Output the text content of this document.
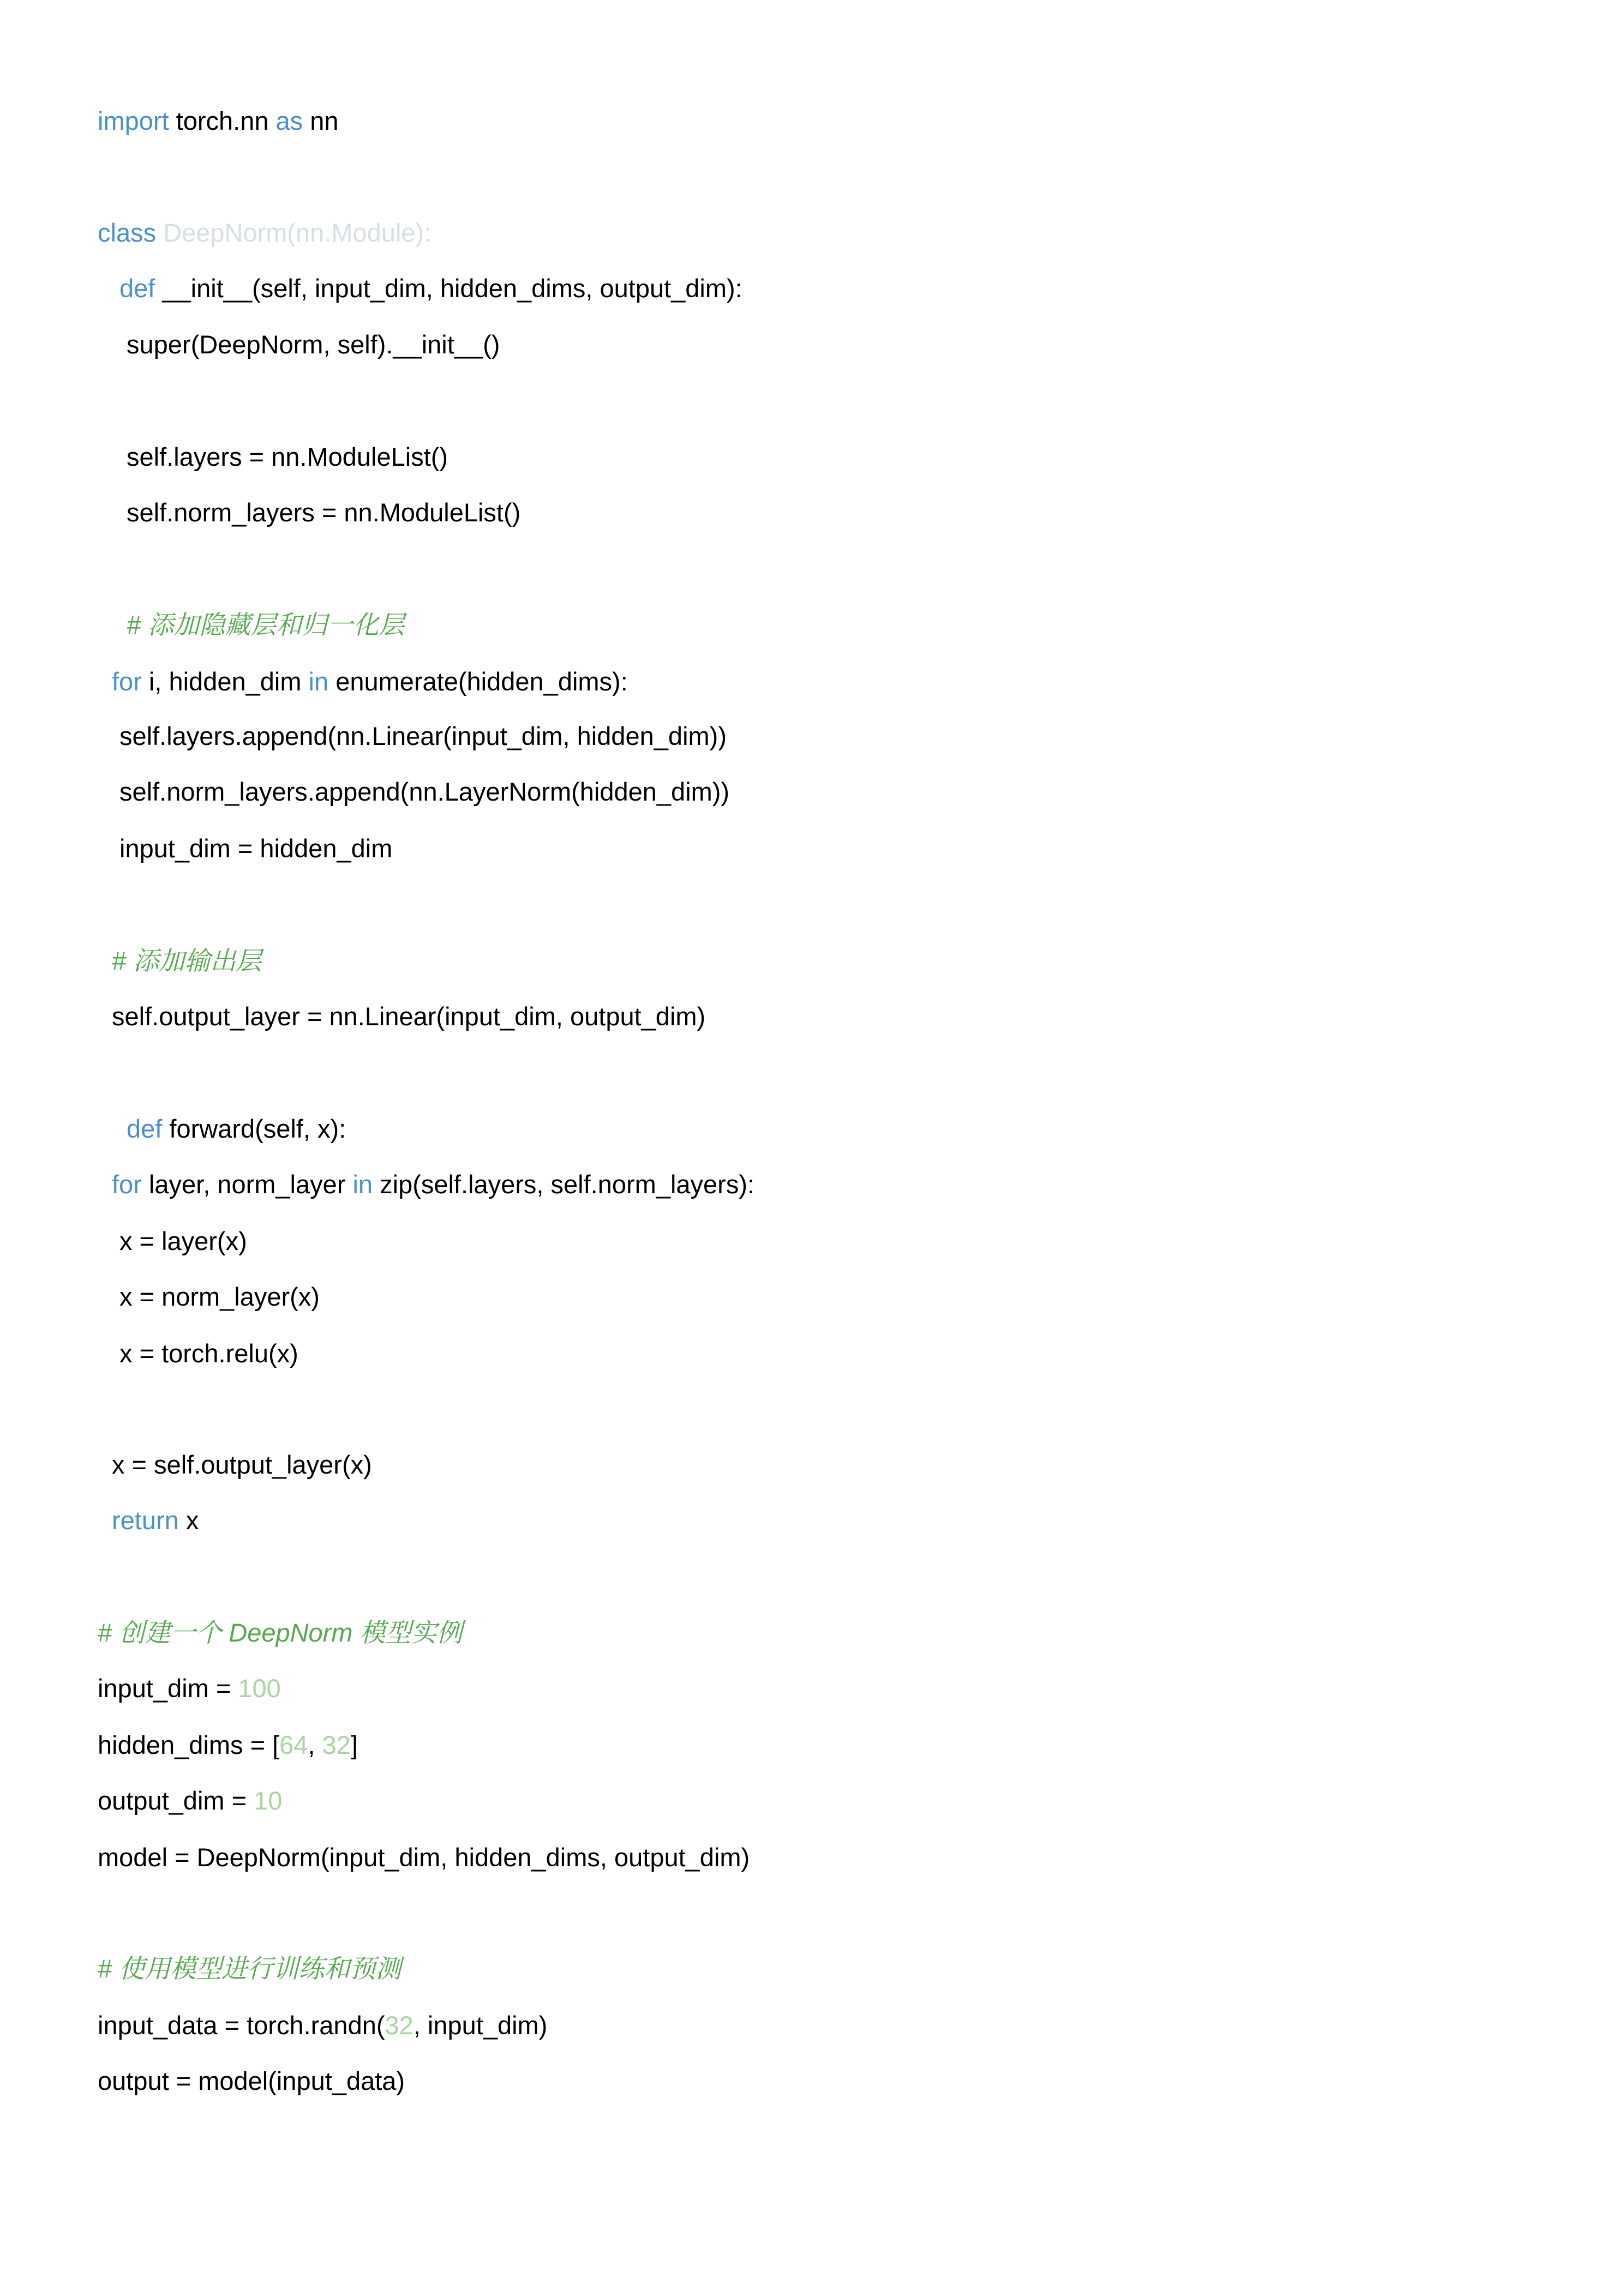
import torch.nn as nn
class DeepNorm(nn.Module):
def __init__(self, input_dim, hidden_dims, output_dim):
super(DeepNorm, self).__init__()
self.layers = nn.ModuleList()
self.norm_layers = nn.ModuleList()
# 添加隐藏层和归一化层
for i, hidden_dim in enumerate(hidden_dims):
self.layers.append(nn.Linear(input_dim, hidden_dim))
self.norm_layers.append(nn.LayerNorm(hidden_dim))
input_dim = hidden_dim
# 添加输出层
self.output_layer = nn.Linear(input_dim, output_dim)
def forward(self, x):
for layer, norm_layer in zip(self.layers, self.norm_layers):
x = layer(x)
x = norm_layer(x)
x = torch.relu(x)
x = self.output_layer(x)
return x
# 创建一个 DeepNorm 模型实例
input_dim = 100
hidden_dims = [64, 32]
output_dim = 10
model = DeepNorm(input_dim, hidden_dims, output_dim)
# 使用模型进行训练和预测
input_data = torch.randn(32, input_dim)
output = model(input_data)
